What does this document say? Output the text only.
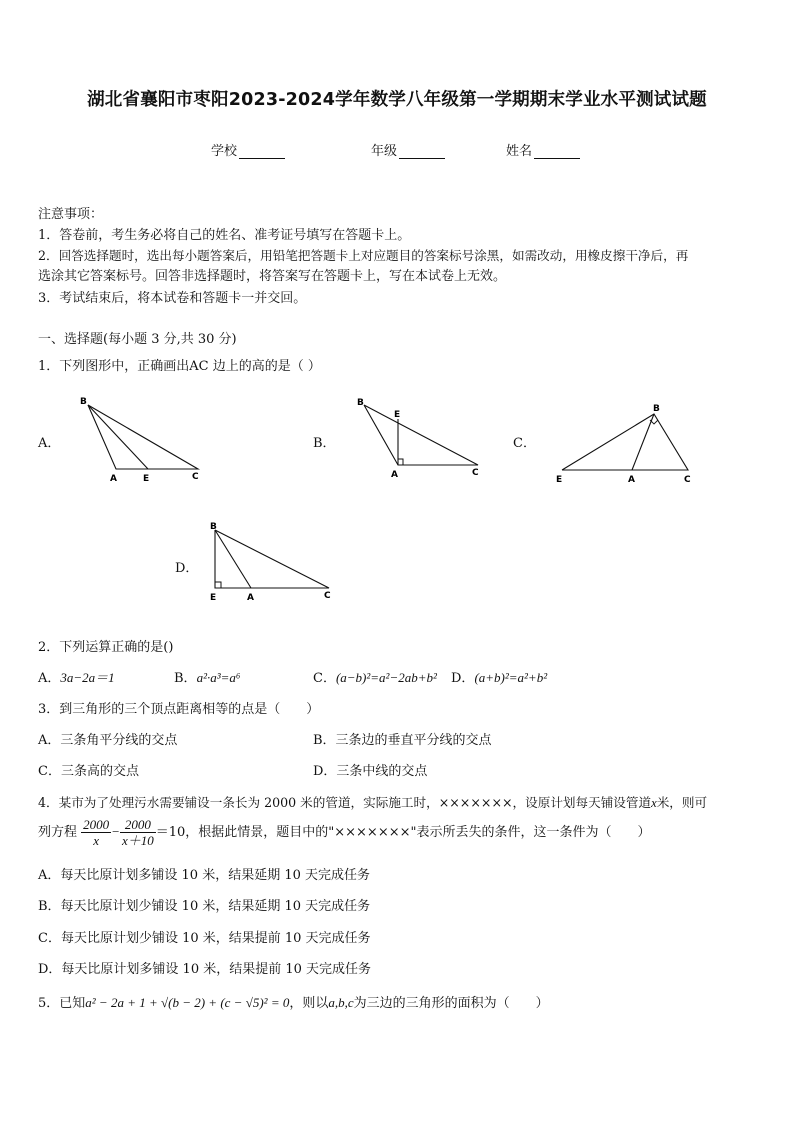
湖北省襄阳市枣阳2023-2024学年数学八年级第一学期期末学业水平测试试题
学校	年级	姓名
注意事项：
1．答卷前，考生务必将自己的姓名、准考证号填写在答题卡上。
2．回答选择题时，选出每小题答案后，用铅笔把答题卡上对应题目的答案标号涂黑，如需改动，用橡皮擦干净后，再
选涂其它答案标号。回答非选择题时，将答案写在答题卡上，写在本试卷上无效。
3．考试结束后，将本试卷和答题卡一并交回。
一、选择题(每小题 3 分,共 30 分)
1．下列图形中，正确画出AC 边上的高的是（ ）
A．
B
A	E	C
B．
B
E
A	C
C．
B
E	A	C
D．
B
E	A	C
2．下列运算正确的是()
A．3a−2a＝1	B．a²·a³=a⁶	C．(a−b)²=a²−2ab+b² D．(a+b)²=a²+b²
3．到三角形的三个顶点距离相等的点是（　　）
A．三条角平分线的交点	B．三条边的垂直平分线的交点
C．三条高的交点	D．三条中线的交点
4．某市为了处理污水需要铺设一条长为 2000 米的管道，实际施工时，×××××××，设原计划每天铺设管道x米，则可
列方程 $\frac{2000}{x} - \frac{2000}{x+10} =10$，根据此情景，题目中的"×××××××"表示所丢失的条件，这一条件为（　　）
A．每天比原计划多铺设 10 米，结果延期 10 天完成任务
B．每天比原计划少铺设 10 米，结果延期 10 天完成任务
C．每天比原计划少铺设 10 米，结果提前 10 天完成任务
D．每天比原计划多铺设 10 米，结果提前 10 天完成任务
5．已知a² − 2a + 1 + √(b − 2) + (c − √5)² = 0，则以a,b,c为三边的三角形的面积为（　　）
